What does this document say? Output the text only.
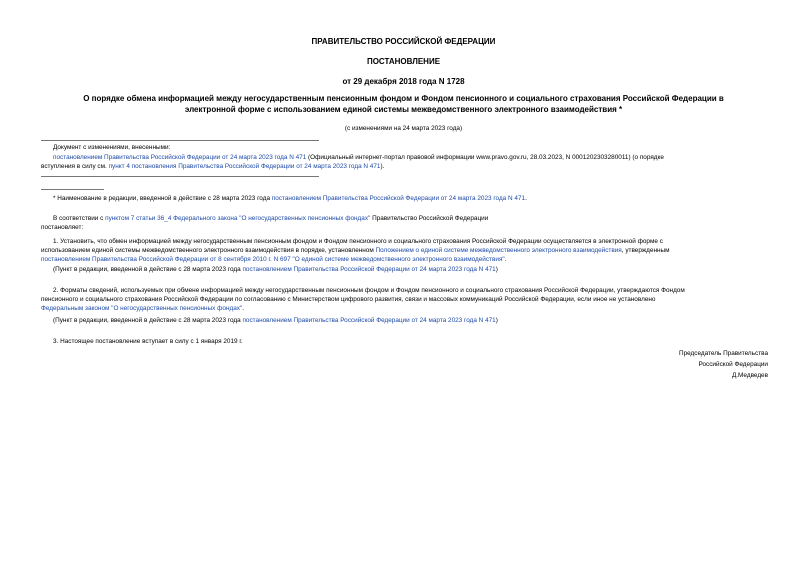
ПРАВИТЕЛЬСТВО РОССИЙСКОЙ ФЕДЕРАЦИИ
ПОСТАНОВЛЕНИЕ
от 29 декабря 2018 года N 1728
О порядке обмена информацией между негосударственным пенсионным фондом и Фондом пенсионного и социального страхования Российской Федерации в
электронной форме с использованием единой системы межведомственного электронного взаимодействия *
(с изменениями на 24 марта 2023 года)
Документ с изменениями, внесенными:
постановлением Правительства Российской Федерации от 24 марта 2023 года N 471 (Официальный интернет-портал правовой информации www.pravo.gov.ru, 28.03.2023, N 0001202303280011) (о порядке
вступления в силу см. пункт 4 постановления Правительства Российской Федерации от 24 марта 2023 года N 471).
* Наименование в редакции, введенной в действие с 28 марта 2023 года постановлением Правительства Российской Федерации от 24 марта 2023 года N 471.
В соответствии с пунктом 7 статьи 36_4 Федерального закона "О негосударственных пенсионных фондах" Правительство Российской Федерации
постановляет:
1. Установить, что обмен информацией между негосударственным пенсионным фондом и Фондом пенсионного и социального страхования Российской Федерации осуществляется в электронной форме с
использованием единой системы межведомственного электронного взаимодействия в порядке, установленном Положением о единой системе межведомственного электронного взаимодействия, утвержденным
постановлением Правительства Российской Федерации от 8 сентября 2010 г. N 697 "О единой системе межведомственного электронного взаимодействия".
(Пункт в редакции, введенной в действие с 28 марта 2023 года постановлением Правительства Российской Федерации от 24 марта 2023 года N 471)
2. Форматы сведений, используемых при обмене информацией между негосударственным пенсионным фондом и Фондом пенсионного и социального страхования Российской Федерации, утверждаются Фондом
пенсионного и социального страхования Российской Федерации по согласованию с Министерством цифрового развития, связи и массовых коммуникаций Российской Федерации, если иное не установлено
Федеральным законом "О негосударственных пенсионных фондах".
(Пункт в редакции, введенной в действие с 28 марта 2023 года постановлением Правительства Российской Федерации от 24 марта 2023 года N 471)
3. Настоящее постановление вступает в силу с 1 января 2019 г.
Председатель Правительства
Российской Федерации
Д.Медведев
